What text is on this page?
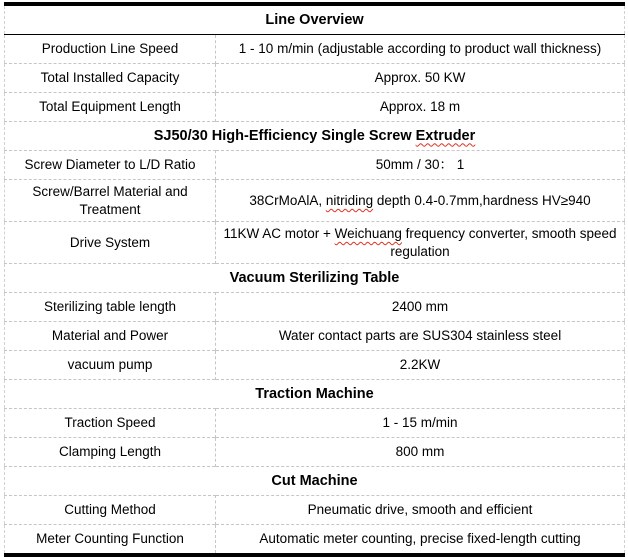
Line Overview	
Production Line Speed	1 - 10 m/min (adjustable according to product wall thickness)
Total Installed Capacity	Approx. 50 KW
Total Equipment Length	Approx. 18 m
SJ50/30 High-Efficiency Single Screw Extruder	
Screw Diameter to L/D Ratio	50mm / 30： 1
Screw/Barrel Material and Treatment	38CrMoAlA, nitriding depth 0.4-0.7mm,hardness HV≥940
Drive System	11KW AC motor + Weichuang frequency converter, smooth speed regulation
Vacuum Sterilizing Table	
Sterilizing table length	2400 mm
Material and Power	Water contact parts are SUS304 stainless steel
vacuum pump	2.2KW
Traction Machine	
Traction Speed	1 - 15 m/min
Clamping Length	800 mm
Cut Machine	
Cutting Method	Pneumatic drive, smooth and efficient
Meter Counting Function	Automatic meter counting, precise fixed-length cutting
